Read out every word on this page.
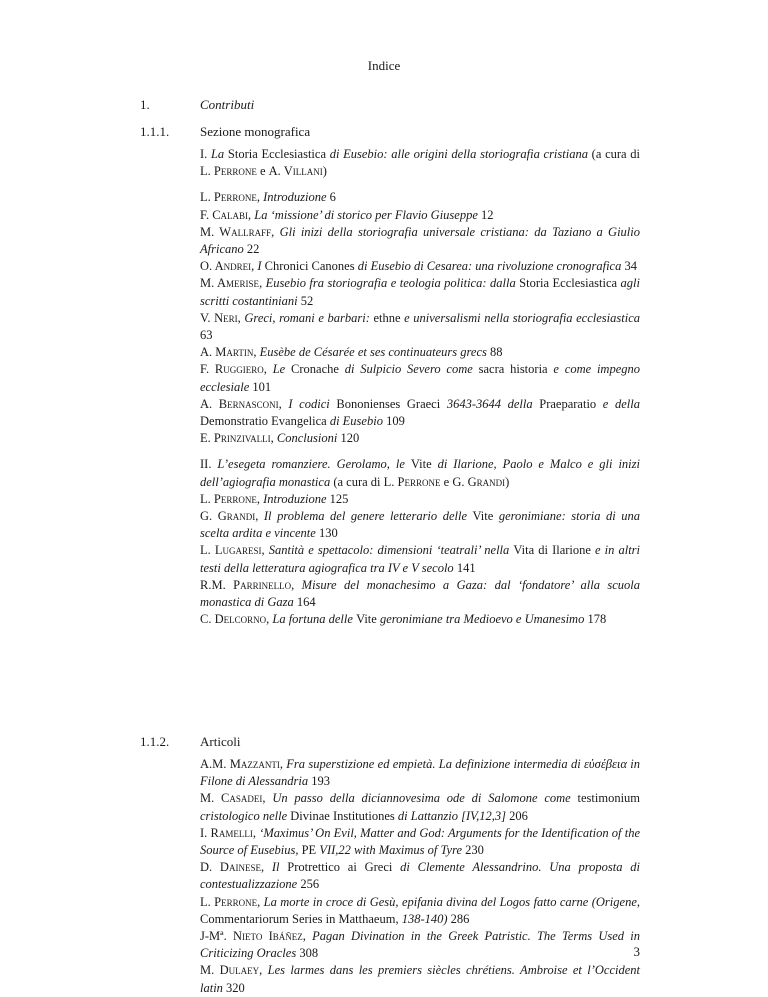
Indice
1.	Contributi
1.1.1. Sezione monografica

I. La Storia Ecclesiastica di Eusebio: alle origini della storiografia cristiana (a cura di L. Perrone e A. Villani)

L. Perrone, Introduzione 6

F. Calabi, La ‘missione’ di storico per Flavio Giuseppe 12

M. Wallraff, Gli inizi della storiografia universale cristiana: da Taziano a Giulio Africano 22

O. Andrei, I Chronici Canones di Eusebio di Cesarea: una rivoluzione cronografica 34

M. Amerise, Eusebio fra storiografia e teologia politica: dalla Storia Ecclesiastica agli scritti costantiniani 52

V. Neri, Greci, romani e barbari: ethne e universalismi nella storiografia ecclesiastica 63

A. Martin, Eusèbe de Césarée et ses continuateurs grecs 88

F. Ruggiero, Le Cronache di Sulpicio Severo come sacra historia e come impegno ecclesiale 101

A. Bernasconi, I codici Bononienses Graeci 3643-3644 della Praeparatio e della Demonstratio Evangelica di Eusebio 109

E. Prinzivalli, Conclusioni 120

II. L’esegeta romanziere. Gerolamo, le Vite di Ilarione, Paolo e Malco e gli inizi dell’agiografia monastica (a cura di L. Perrone e G. Grandi)

L. Perrone, Introduzione 125

G. Grandi, Il problema del genere letterario delle Vite geronimiane: storia di una scelta ardita e vincente 130

L. Lugaresi, Santità e spettacolo: dimensioni ‘teatrali’ nella Vita di Ilarione e in altri testi della letteratura agiografica tra IV e V secolo 141

R.M. Parrinello, Misure del monachesimo a Gaza: dal ‘fondatore’ alla scuola monastica di Gaza 164

C. Delcorno, La fortuna delle Vite geronimiane tra Medioevo e Umanesimo 178

1.1.2. Articoli

A.M. Mazzanti, Fra superstizione ed empietà. La definizione intermedia di εὐσέβεια in Filone di Alessandria 193

M. Casadei, Un passo della diciannovesima ode di Salomone come testimonium cristologico nelle Divinae Institutiones di Lattanzio [IV,12,3] 206

I. Ramelli, ‘Maximus’ On Evil, Matter and God: Arguments for the Identification of the Source of Eusebius, PE VII,22 with Maximus of Tyre 230

D. Dainese, Il Protrettico ai Greci di Clemente Alessandrino. Una proposta di contestualizzazione 256

L. Perrone, La morte in croce di Gesù, epifania divina del Logos fatto carne (Origene, Commentariorum Series in Matthaeum, 138-140) 286

J-Mª. Nieto Ibáñez, Pagan Divination in the Greek Patristic. The Terms Used in Criticizing Oracles 308

M. Dulaey, Les larmes dans les premiers siècles chrétiens. Ambroise et l’Occident latin 320

3
